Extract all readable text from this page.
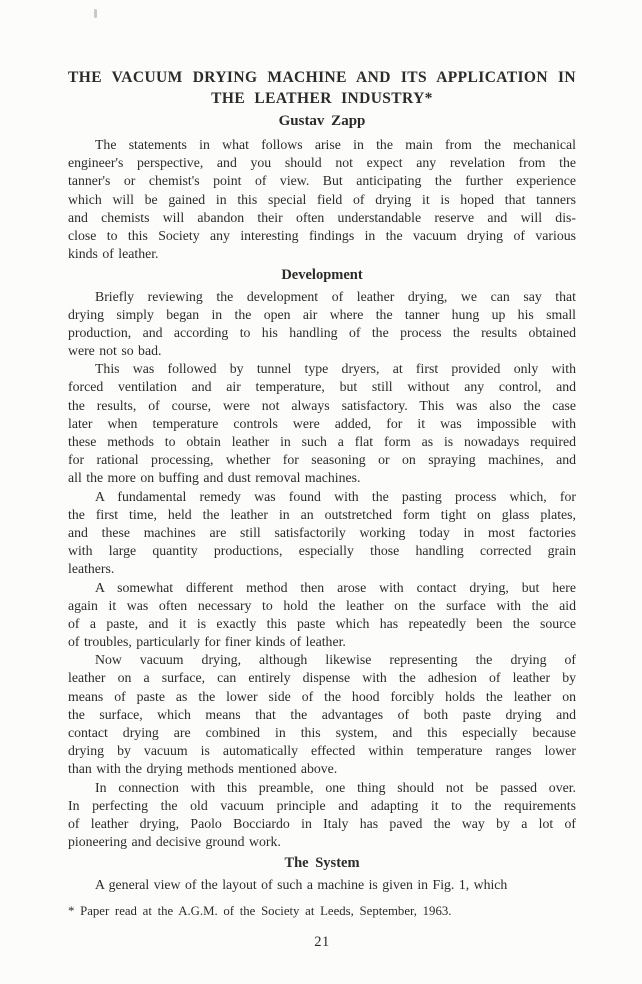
THE VACUUM DRYING MACHINE AND ITS APPLICATION IN
THE LEATHER INDUSTRY*
Gustav Zapp
The statements in what follows arise in the main from the mechanical
engineer's perspective, and you should not expect any revelation from the
tanner's or chemist's point of view. But anticipating the further experience
which will be gained in this special field of drying it is hoped that tanners
and chemists will abandon their often understandable reserve and will dis-
close to this Society any interesting findings in the vacuum drying of various
kinds of leather.
Development
Briefly reviewing the development of leather drying, we can say that
drying simply began in the open air where the tanner hung up his small
production, and according to his handling of the process the results obtained
were not so bad.
This was followed by tunnel type dryers, at first provided only with
forced ventilation and air temperature, but still without any control, and
the results, of course, were not always satisfactory. This was also the case
later when temperature controls were added, for it was impossible with
these methods to obtain leather in such a flat form as is nowadays required
for rational processing, whether for seasoning or on spraying machines, and
all the more on buffing and dust removal machines.
A fundamental remedy was found with the pasting process which, for
the first time, held the leather in an outstretched form tight on glass plates,
and these machines are still satisfactorily working today in most factories
with large quantity productions, especially those handling corrected grain
leathers.
A somewhat different method then arose with contact drying, but here
again it was often necessary to hold the leather on the surface with the aid
of a paste, and it is exactly this paste which has repeatedly been the source
of troubles, particularly for finer kinds of leather.
Now vacuum drying, although likewise representing the drying of
leather on a surface, can entirely dispense with the adhesion of leather by
means of paste as the lower side of the hood forcibly holds the leather on
the surface, which means that the advantages of both paste drying and
contact drying are combined in this system, and this especially because
drying by vacuum is automatically effected within temperature ranges lower
than with the drying methods mentioned above.
In connection with this preamble, one thing should not be passed over.
In perfecting the old vacuum principle and adapting it to the requirements
of leather drying, Paolo Bocciardo in Italy has paved the way by a lot of
pioneering and decisive ground work.
The System
A general view of the layout of such a machine is given in Fig. 1, which
* Paper read at the A.G.M. of the Society at Leeds, September, 1963.
21
